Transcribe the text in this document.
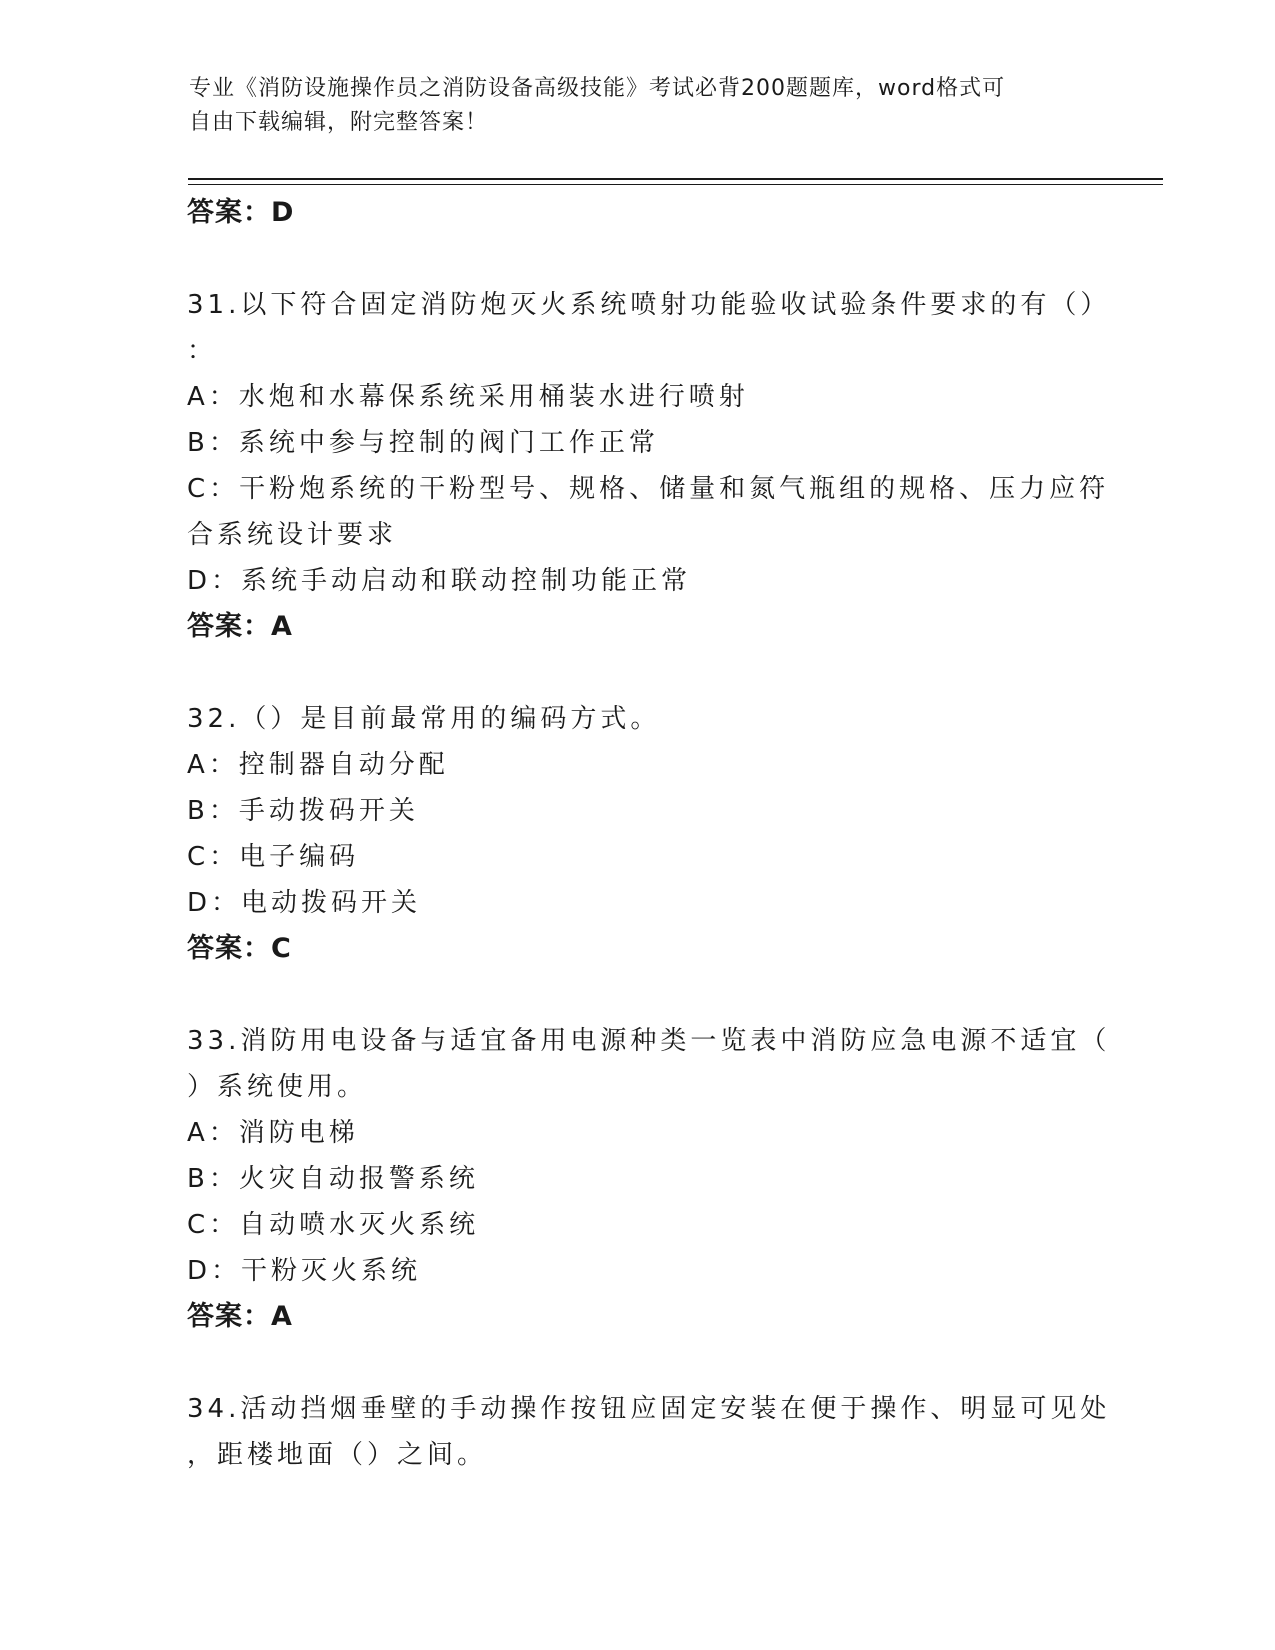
专业《消防设施操作员之消防设备高级技能》考试必背200题题库，word格式可
自由下载编辑，附完整答案！
答案：D
31.以下符合固定消防炮灭火系统喷射功能验收试验条件要求的有（）
：
A：水炮和水幕保系统采用桶装水进行喷射
B：系统中参与控制的阀门工作正常
C：干粉炮系统的干粉型号、规格、储量和氮气瓶组的规格、压力应符
合系统设计要求
D：系统手动启动和联动控制功能正常
答案：A
32.（）是目前最常用的编码方式。
A：控制器自动分配
B：手动拨码开关
C：电子编码
D：电动拨码开关
答案：C
33.消防用电设备与适宜备用电源种类一览表中消防应急电源不适宜（
）系统使用。
A：消防电梯
B：火灾自动报警系统
C：自动喷水灭火系统
D：干粉灭火系统
答案：A
34.活动挡烟垂壁的手动操作按钮应固定安装在便于操作、明显可见处
，距楼地面（）之间。
